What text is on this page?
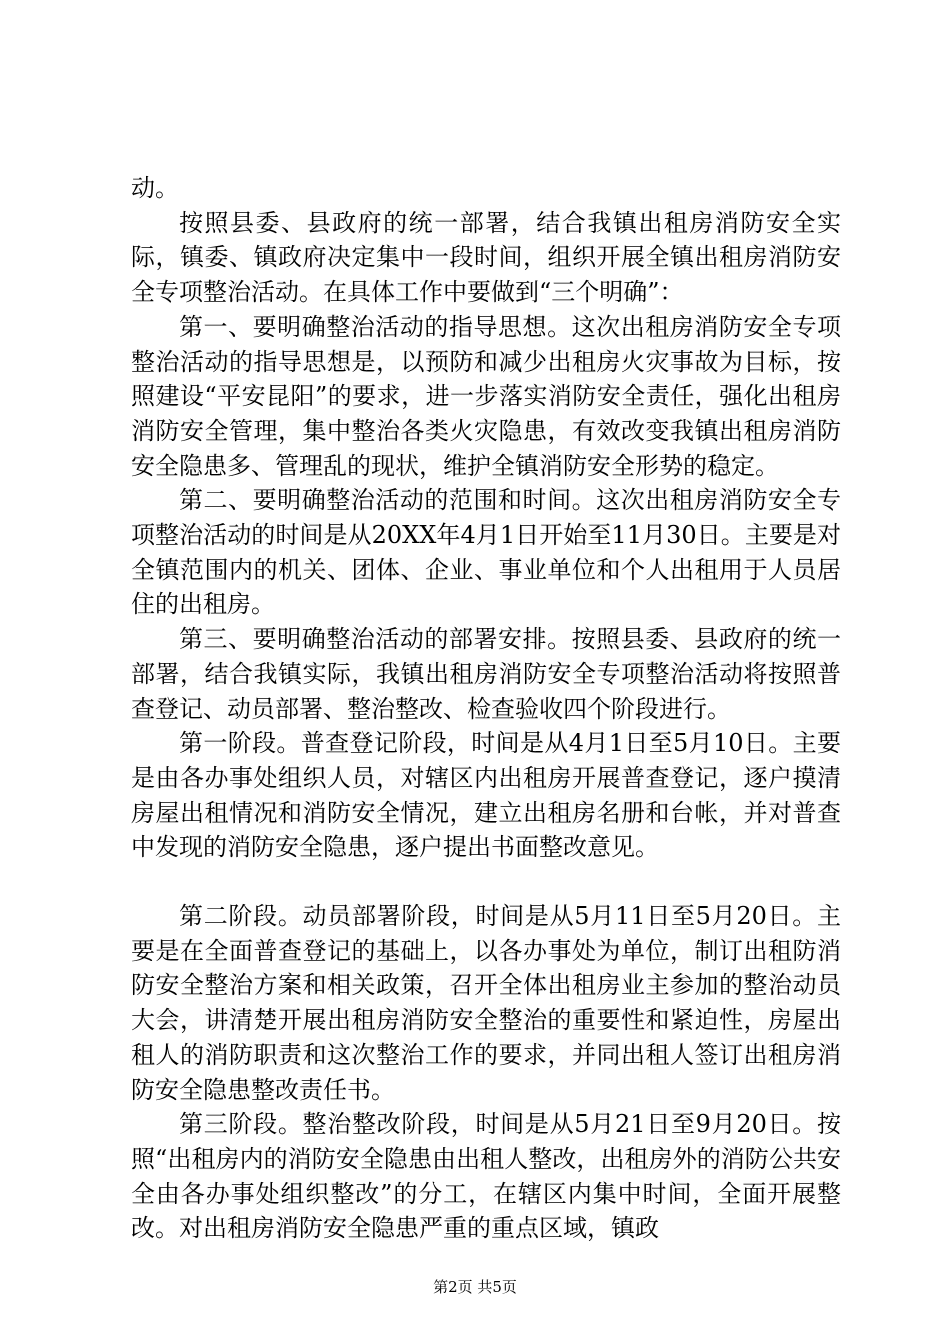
动。

按照县委、县政府的统一部署，结合我镇出租房消防安全实际，镇委、镇政府决定集中一段时间，组织开展全镇出租房消防安全专项整治活动。在具体工作中要做到“三个明确”：

第一、要明确整治活动的指导思想。这次出租房消防安全专项整治活动的指导思想是，以预防和减少出租房火灾事故为目标，按照建设“平安昆阳”的要求，进一步落实消防安全责任，强化出租房消防安全管理，集中整治各类火灾隐患，有效改变我镇出租房消防安全隐患多、管理乱的现状，维护全镇消防安全形势的稳定。

第二、要明确整治活动的范围和时间。这次出租房消防安全专项整治活动的时间是从20XX年4月1日开始至11月30日。主要是对全镇范围内的机关、团体、企业、事业单位和个人出租用于人员居住的出租房。

第三、要明确整治活动的部署安排。按照县委、县政府的统一部署，结合我镇实际，我镇出租房消防安全专项整治活动将按照普查登记、动员部署、整治整改、检查验收四个阶段进行。

第一阶段。普查登记阶段，时间是从4月1日至5月10日。主要是由各办事处组织人员，对辖区内出租房开展普查登记，逐户摸清房屋出租情况和消防安全情况，建立出租房名册和台帐，并对普查中发现的消防安全隐患，逐户提出书面整改意见。

第二阶段。动员部署阶段，时间是从5月11日至5月20日。主要是在全面普查登记的基础上，以各办事处为单位，制订出租防消防安全整治方案和相关政策，召开全体出租房业主参加的整治动员大会，讲清楚开展出租房消防安全整治的重要性和紧迫性，房屋出租人的消防职责和这次整治工作的要求，并同出租人签订出租房消防安全隐患整改责任书。

第三阶段。整治整改阶段，时间是从5月21日至9月20日。按照“出租房内的消防安全隐患由出租人整改，出租房外的消防公共安全由各办事处组织整改”的分工，在辖区内集中时间，全面开展整改。对出租房消防安全隐患严重的重点区域，镇政

第2页 共5页
